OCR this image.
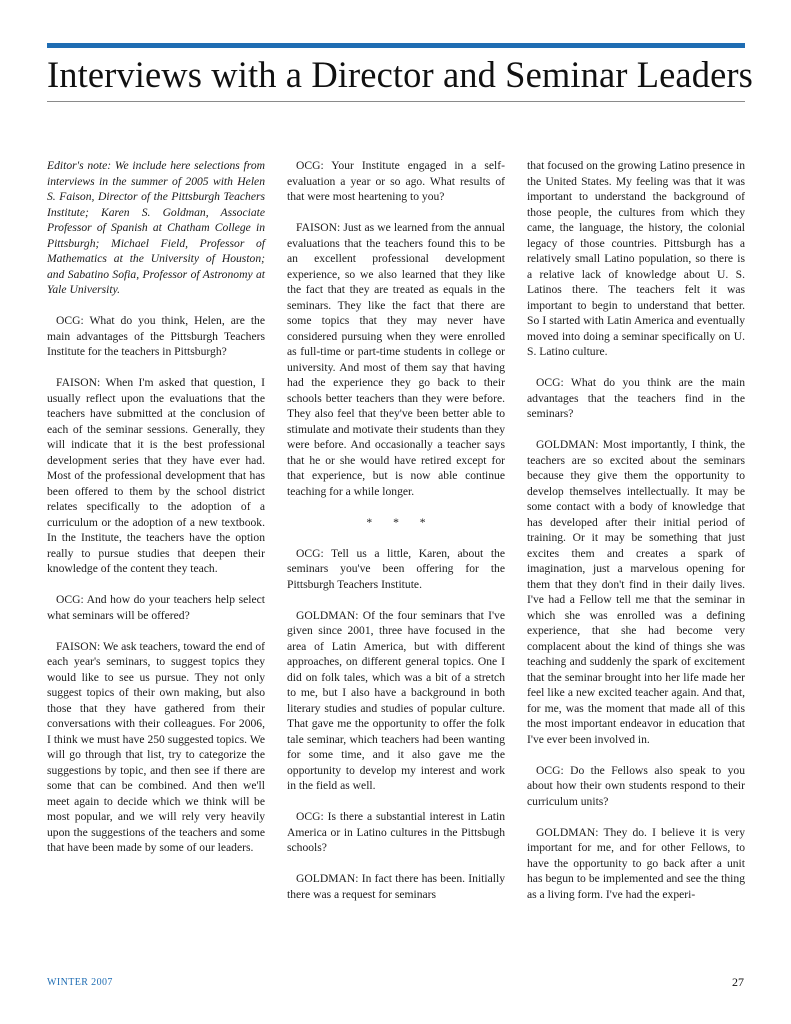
Interviews with a Director and Seminar Leaders

Editor's note: We include here selections from interviews in the summer of 2005 with Helen S. Faison, Director of the Pittsburgh Teachers Institute; Karen S. Goldman, Associate Professor of Spanish at Chatham College in Pittsburgh; Michael Field, Professor of Mathematics at the University of Houston; and Sabatino Sofia, Professor of Astronomy at Yale University.

OCG: What do you think, Helen, are the main advantages of the Pittsburgh Teachers Institute for the teachers in Pittsburgh?

FAISON: When I'm asked that question, I usually reflect upon the evaluations that the teachers have submitted at the conclusion of each of the seminar sessions. Generally, they will indicate that it is the best professional development series that they have ever had. Most of the professional development that has been offered to them by the school district relates specifically to the adoption of a curriculum or the adoption of a new textbook. In the Institute, the teachers have the option really to pursue studies that deepen their knowledge of the content they teach.

OCG: And how do your teachers help select what seminars will be offered?

FAISON: We ask teachers, toward the end of each year's seminars, to suggest topics they would like to see us pursue. They not only suggest topics of their own making, but also those that they have gathered from their conversations with their colleagues. For 2006, I think we must have 250 suggested topics. We will go through that list, try to categorize the suggestions by topic, and then see if there are some that can be combined. And then we'll meet again to decide which we think will be most popular, and we will rely very heavily upon the suggestions of the teachers and some that have been made by some of our leaders.

OCG: Your Institute engaged in a self-evaluation a year or so ago. What results of that were most heartening to you?

FAISON: Just as we learned from the annual evaluations that the teachers found this to be an excellent professional development experience, so we also learned that they like the fact that they are treated as equals in the seminars. They like the fact that there are some topics that they may never have considered pursuing when they were enrolled as full-time or part-time students in college or university. And most of them say that having had the experience they go back to their schools better teachers than they were before. They also feel that they've been better able to stimulate and motivate their students than they were before. And occasionally a teacher says that he or she would have retired except for that experience, but is now able continue teaching for a while longer.

* * *

OCG: Tell us a little, Karen, about the seminars you've been offering for the Pittsburgh Teachers Institute.

GOLDMAN: Of the four seminars that I've given since 2001, three have focused in the area of Latin America, but with different approaches, on different general topics. One I did on folk tales, which was a bit of a stretch to me, but I also have a background in both literary studies and studies of popular culture. That gave me the opportunity to offer the folk tale seminar, which teachers had been wanting for some time, and it also gave me the opportunity to develop my interest and work in the field as well.

OCG: Is there a substantial interest in Latin America or in Latino cultures in the Pittsbugh schools?

GOLDMAN: In fact there has been. Initially there was a request for seminars

that focused on the growing Latino presence in the United States. My feeling was that it was important to understand the background of those people, the cultures from which they came, the language, the history, the colonial legacy of those countries. Pittsburgh has a relatively small Latino population, so there is a relative lack of knowledge about U. S. Latinos there. The teachers felt it was important to begin to understand that better. So I started with Latin America and eventually moved into doing a seminar specifically on U. S. Latino culture.

OCG: What do you think are the main advantages that the teachers find in the seminars?

GOLDMAN: Most importantly, I think, the teachers are so excited about the seminars because they give them the opportunity to develop themselves intellectually. It may be some contact with a body of knowledge that has developed after their initial period of training. Or it may be something that just excites them and creates a spark of imagination, just a marvelous opening for them that they don't find in their daily lives. I've had a Fellow tell me that the seminar in which she was enrolled was a defining experience, that she had become very complacent about the kind of things she was teaching and suddenly the spark of excitement that the seminar brought into her life made her feel like a new excited teacher again. And that, for me, was the moment that made all of this the most important endeavor in education that I've ever been involved in.

OCG: Do the Fellows also speak to you about how their own students respond to their curriculum units?

GOLDMAN: They do. I believe it is very important for me, and for other Fellows, to have the opportunity to go back after a unit has begun to be implemented and see the thing as a living form. I've had the experi-

WINTER 2007	27
